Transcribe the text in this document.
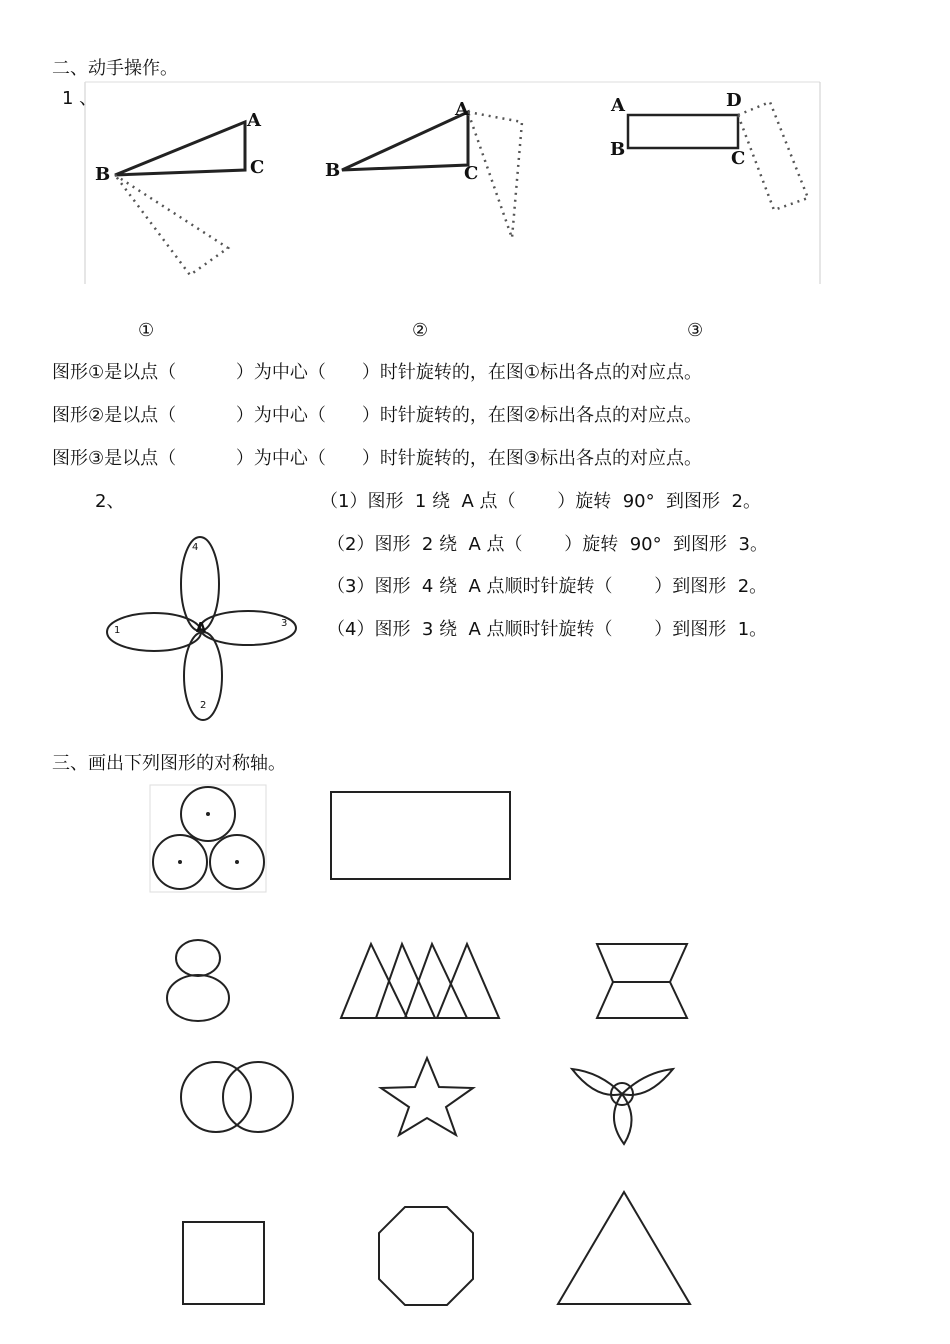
二、动手操作。
1 、
A
B	C
A
B	C
A
B	C
D
①	②	③
图形①是以点（　　　 ）为中心（　　）时针旋转的，在图①标出各点的对应点。
图形②是以点（　　　 ）为中心（　　）时针旋转的，在图②标出各点的对应点。
图形③是以点（　　　 ）为中心（　　）时针旋转的，在图③标出各点的对应点。
2、	（1）图形  1 绕  A 点（　　 ）旋转  90°  到图形  2。
（2）图形  2 绕  A 点（　　 ）旋转  90°  到图形  3。
（3）图形  4 绕  A 点顺时针旋转（　　 ）到图形  2。
（4）图形  3 绕  A 点顺时针旋转（　　 ）到图形  1。
4
1
3
2
A
三、画出下列图形的对称轴。
